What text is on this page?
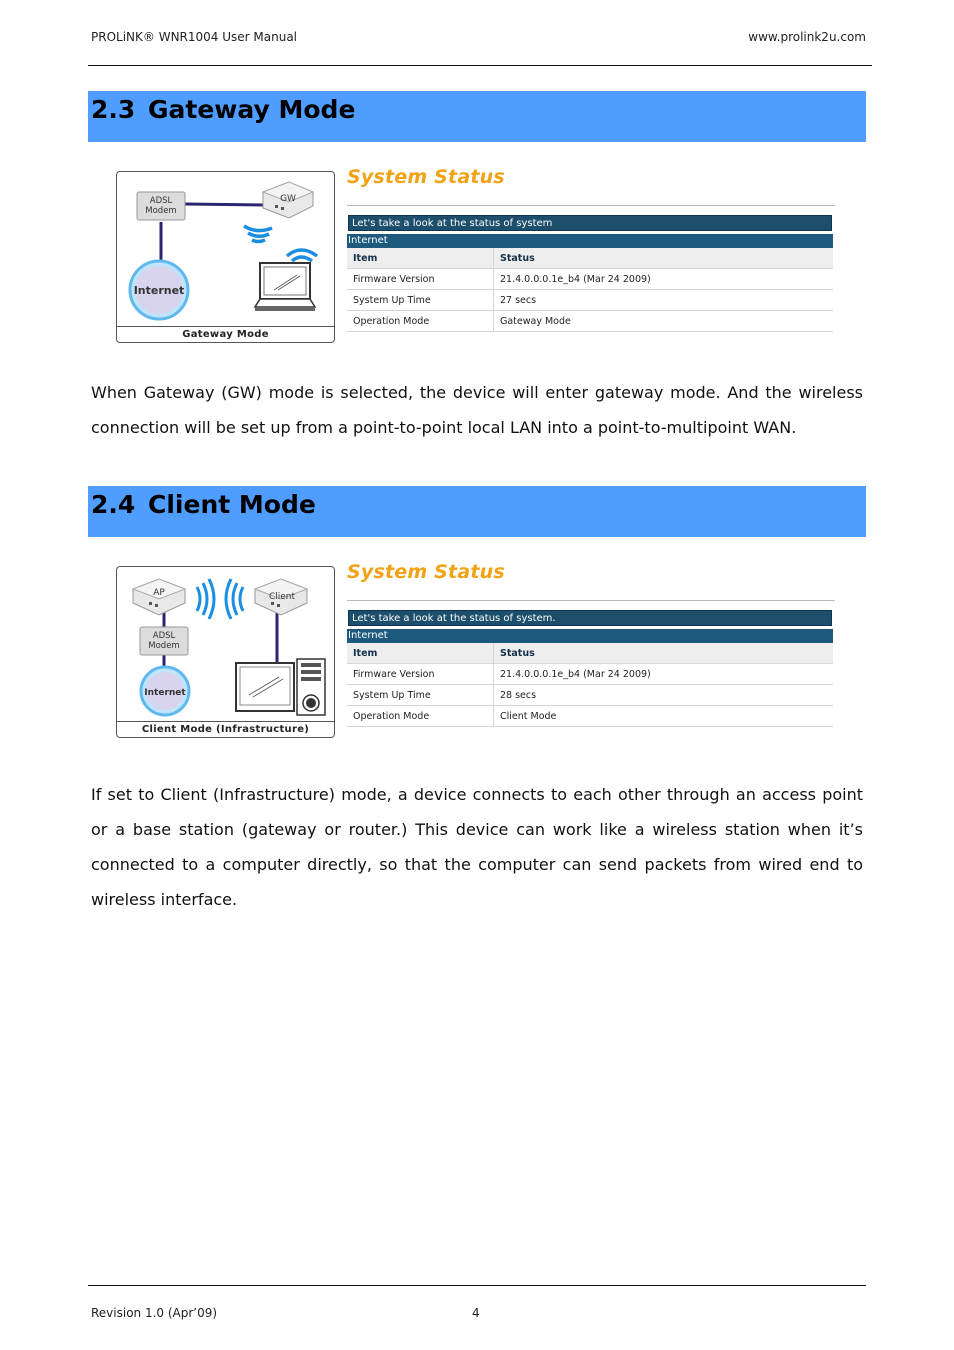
PROLiNK® WNR1004 User Manual	www.prolink2u.com
2.3 Gateway Mode
ADSL
Modem
GW
Internet
Gateway Mode
System Status
Let's take a look at the status of system
Internet
Item	Status
Firmware Version	21.4.0.0.0.1e_b4 (Mar 24 2009)
System Up Time	27 secs
Operation Mode	Gateway Mode
When Gateway (GW) mode is selected, the device will enter gateway mode. And the wireless connection will be set up from a point-to-point local LAN into a point-to-multipoint WAN.
2.4 Client Mode
AP	Client
ADSL
Modem
Internet
Client Mode (Infrastructure)
System Status
Let's take a look at the status of system.
Internet
Item	Status
Firmware Version	21.4.0.0.0.1e_b4 (Mar 24 2009)
System Up Time	28 secs
Operation Mode	Client Mode
If set to Client (Infrastructure) mode, a device connects to each other through an access point or a base station (gateway or router.) This device can work like a wireless station when it’s connected to a computer directly, so that the computer can send packets from wired end to wireless interface.
Revision 1.0 (Apr’09)	4
